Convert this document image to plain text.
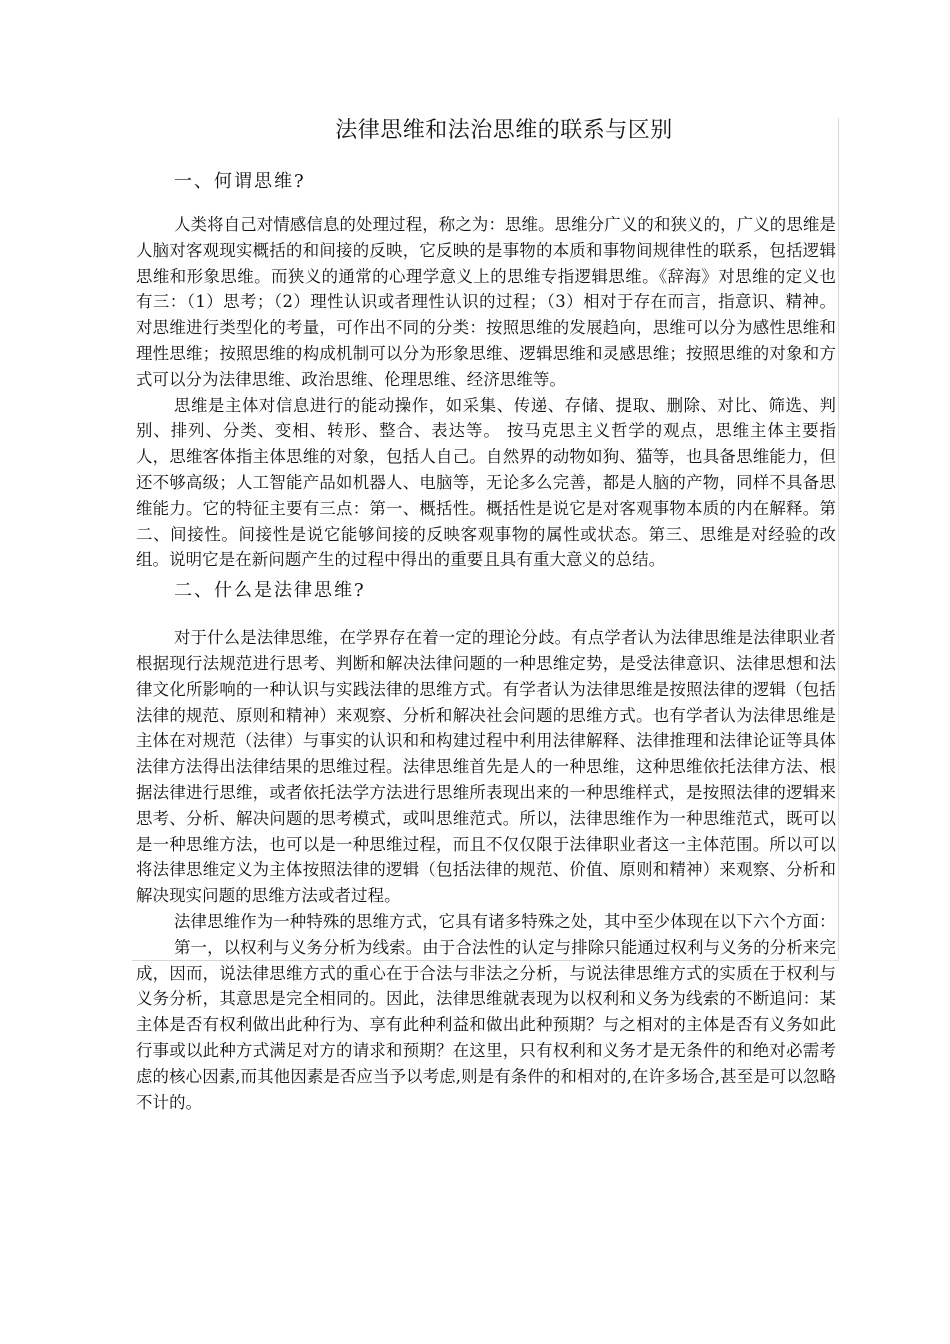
法律思维和法治思维的联系与区别
一、何谓思维?

人类将自己对情感信息的处理过程，称之为：思维。思维分广义的和狭义的，广义的思维是人脑对客观现实概括的和间接的反映，它反映的是事物的本质和事物间规律性的联系，包括逻辑思维和形象思维。而狭义的通常的心理学意义上的思维专指逻辑思维。《辞海》对思维的定义也有三：（1）思考；（2）理性认识或者理性认识的过程；（3）相对于存在而言，指意识、精神。对思维进行类型化的考量，可作出不同的分类：按照思维的发展趋向，思维可以分为感性思维和理性思维；按照思维的构成机制可以分为形象思维、逻辑思维和灵感思维；按照思维的对象和方式可以分为法律思维、政治思维、伦理思维、经济思维等。

思维是主体对信息进行的能动操作，如采集、传递、存储、提取、删除、对比、筛选、判别、排列、分类、变相、转形、整合、表达等。 按马克思主义哲学的观点，思维主体主要指人，思维客体指主体思维的对象，包括人自己。自然界的动物如狗、猫等，也具备思维能力，但还不够高级；人工智能产品如机器人、电脑等，无论多么完善，都是人脑的产物，同样不具备思维能力。它的特征主要有三点：第一、概括性。概括性是说它是对客观事物本质的内在解释。第二、间接性。间接性是说它能够间接的反映客观事物的属性或状态。第三、思维是对经验的改组。说明它是在新问题产生的过程中得出的重要且具有重大意义的总结。

二、什么是法律思维?

对于什么是法律思维，在学界存在着一定的理论分歧。有点学者认为法律思维是法律职业者根据现行法规范进行思考、判断和解决法律问题的一种思维定势，是受法律意识、法律思想和法律文化所影响的一种认识与实践法律的思维方式。有学者认为法律思维是按照法律的逻辑（包括法律的规范、原则和精神）来观察、分析和解决社会问题的思维方式。也有学者认为法律思维是主体在对规范（法律）与事实的认识和和构建过程中利用法律解释、法律推理和法律论证等具体法律方法得出法律结果的思维过程。法律思维首先是人的一种思维，这种思维依托法律方法、根据法律进行思维，或者依托法学方法进行思维所表现出来的一种思维样式，是按照法律的逻辑来思考、分析、解决问题的思考模式，或叫思维范式。所以，法律思维作为一种思维范式，既可以是一种思维方法，也可以是一种思维过程，而且不仅仅限于法律职业者这一主体范围。所以可以将法律思维定义为主体按照法律的逻辑（包括法律的规范、价值、原则和精神）来观察、分析和解决现实问题的思维方法或者过程。

法律思维作为一种特殊的思维方式，它具有诸多特殊之处，其中至少体现在以下六个方面：

第一，以权利与义务分析为线索。由于合法性的认定与排除只能通过权利与义务的分析来完成，因而，说法律思维方式的重心在于合法与非法之分析，与说法律思维方式的实质在于权利与义务分析，其意思是完全相同的。因此，法律思维就表现为以权利和义务为线索的不断追问：某主体是否有权利做出此种行为、享有此种利益和做出此种预期？与之相对的主体是否有义务如此行事或以此种方式满足对方的请求和预期？在这里，只有权利和义务才是无条件的和绝对必需考虑的核心因素,而其他因素是否应当予以考虑,则是有条件的和相对的,在许多场合,甚至是可以忽略不计的。
